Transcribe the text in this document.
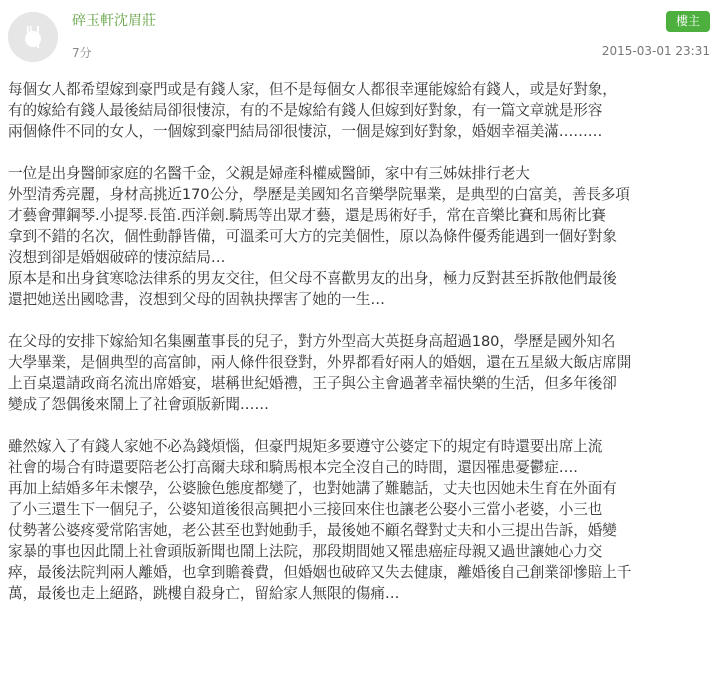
碎玉軒沈眉莊
7分
樓主
2015-03-01 23:31
每個女人都希望嫁到豪門或是有錢人家，但不是每個女人都很幸運能嫁給有錢人，或是好對象，
有的嫁給有錢人最後結局卻很悽涼，有的不是嫁給有錢人但嫁到好對象，有一篇文章就是形容
兩個條件不同的女人，一個嫁到豪門結局卻很悽涼，一個是嫁到好對象，婚姻幸福美滿………
一位是出身醫師家庭的名醫千金，父親是婦產科權威醫師，家中有三姊妹排行老大
外型清秀亮麗，身材高挑近170公分，學歷是美國知名音樂學院畢業，是典型的白富美，善長多項
才藝會彈鋼琴.小提琴.長笛.西洋劍.騎馬等出眾才藝，還是馬術好手，常在音樂比賽和馬術比賽
拿到不錯的名次，個性動靜皆備，可溫柔可大方的完美個性，原以為條件優秀能遇到一個好對象
沒想到卻是婚姻破碎的悽涼結局…
原本是和出身貧寒唸法律系的男友交往，但父母不喜歡男友的出身，極力反對甚至拆散他們最後
還把她送出國唸書，沒想到父母的固執抉擇害了她的一生…
在父母的安排下嫁給知名集團董事長的兒子，對方外型高大英挺身高超過180，學歷是國外知名
大學畢業，是個典型的高富帥，兩人條件很登對，外界都看好兩人的婚姻，還在五星級大飯店席開
上百桌還請政商名流出席婚宴，堪稱世紀婚禮，王子與公主會過著幸福快樂的生活，但多年後卻
變成了怨偶後來鬧上了社會頭版新聞……
雖然嫁入了有錢人家她不必為錢煩惱，但豪門規矩多要遵守公婆定下的規定有時還要出席上流
社會的場合有時還要陪老公打高爾夫球和騎馬根本完全沒自己的時間，還因罹患憂鬱症….
再加上結婚多年未懷孕，公婆臉色態度都變了，也對她講了難聽話，丈夫也因她未生育在外面有
了小三還生下一個兒子，公婆知道後很高興把小三接回來住也讓老公娶小三當小老婆，小三也
仗勢著公婆疼愛常陷害她，老公甚至也對她動手，最後她不顧名聲對丈夫和小三提出告訴，婚變
家暴的事也因此鬧上社會頭版新聞也鬧上法院，那段期間她又罹患癌症母親又過世讓她心力交
瘁，最後法院判兩人離婚，也拿到贍養費，但婚姻也破碎又失去健康，離婚後自己創業卻慘賠上千
萬，最後也走上絕路，跳樓自殺身亡，留給家人無限的傷痛…
